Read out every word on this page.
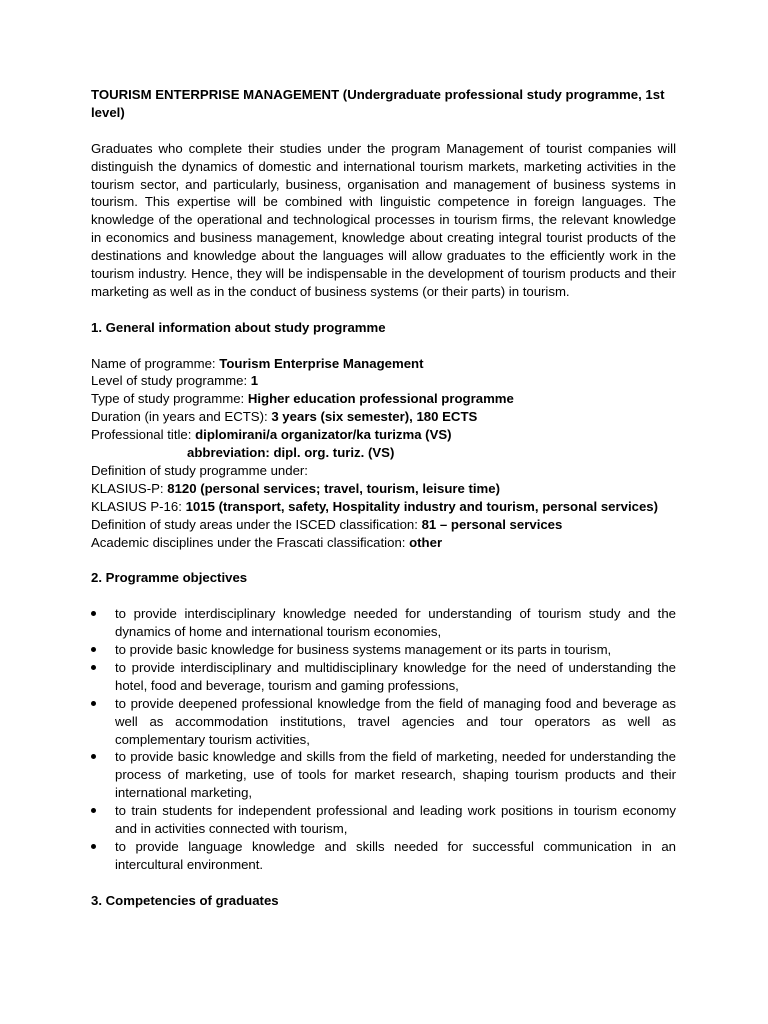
TOURISM ENTERPRISE MANAGEMENT (Undergraduate professional study programme, 1st level)

Graduates who complete their studies under the program Management of tourist companies will distinguish the dynamics of domestic and international tourism markets, marketing activities in the tourism sector, and particularly, business, organisation and management of business systems in tourism. This expertise will be combined with linguistic competence in foreign languages. The knowledge of the operational and technological processes in tourism firms, the relevant knowledge in economics and business management, knowledge about creating integral tourist products of the destinations and knowledge about the languages will allow graduates to the efficiently work in the tourism industry. Hence, they will be indispensable in the development of tourism products and their marketing as well as in the conduct of business systems (or their parts) in tourism.

1. General information about study programme

Name of programme: Tourism Enterprise Management

Level of study programme: 1

Type of study programme: Higher education professional programme

Duration (in years and ECTS): 3 years (six semester), 180 ECTS

Professional title: diplomirani/a organizator/ka turizma (VS)

abbreviation: dipl. org. turiz. (VS)

Definition of study programme under:

KLASIUS-P: 8120 (personal services; travel, tourism, leisure time)

KLASIUS P-16: 1015 (transport, safety, Hospitality industry and tourism, personal services)

Definition of study areas under the ISCED classification: 81 – personal services

Academic disciplines under the Frascati classification: other

2. Programme objectives

to provide interdisciplinary knowledge needed for understanding of tourism study and the dynamics of home and international tourism economies,
to provide basic knowledge for business systems management or its parts in tourism,
to provide interdisciplinary and multidisciplinary knowledge for the need of understanding the hotel, food and beverage, tourism and gaming professions,
to provide deepened professional knowledge from the field of managing food and beverage as well as accommodation institutions, travel agencies and tour operators as well as complementary tourism activities,
to provide basic knowledge and skills from the field of marketing, needed for understanding the process of marketing, use of tools for market research, shaping tourism products and their international marketing,
to train students for independent professional and leading work positions in tourism economy and in activities connected with tourism,
to provide language knowledge and skills needed for successful communication in an intercultural environment.

3. Competencies of graduates
